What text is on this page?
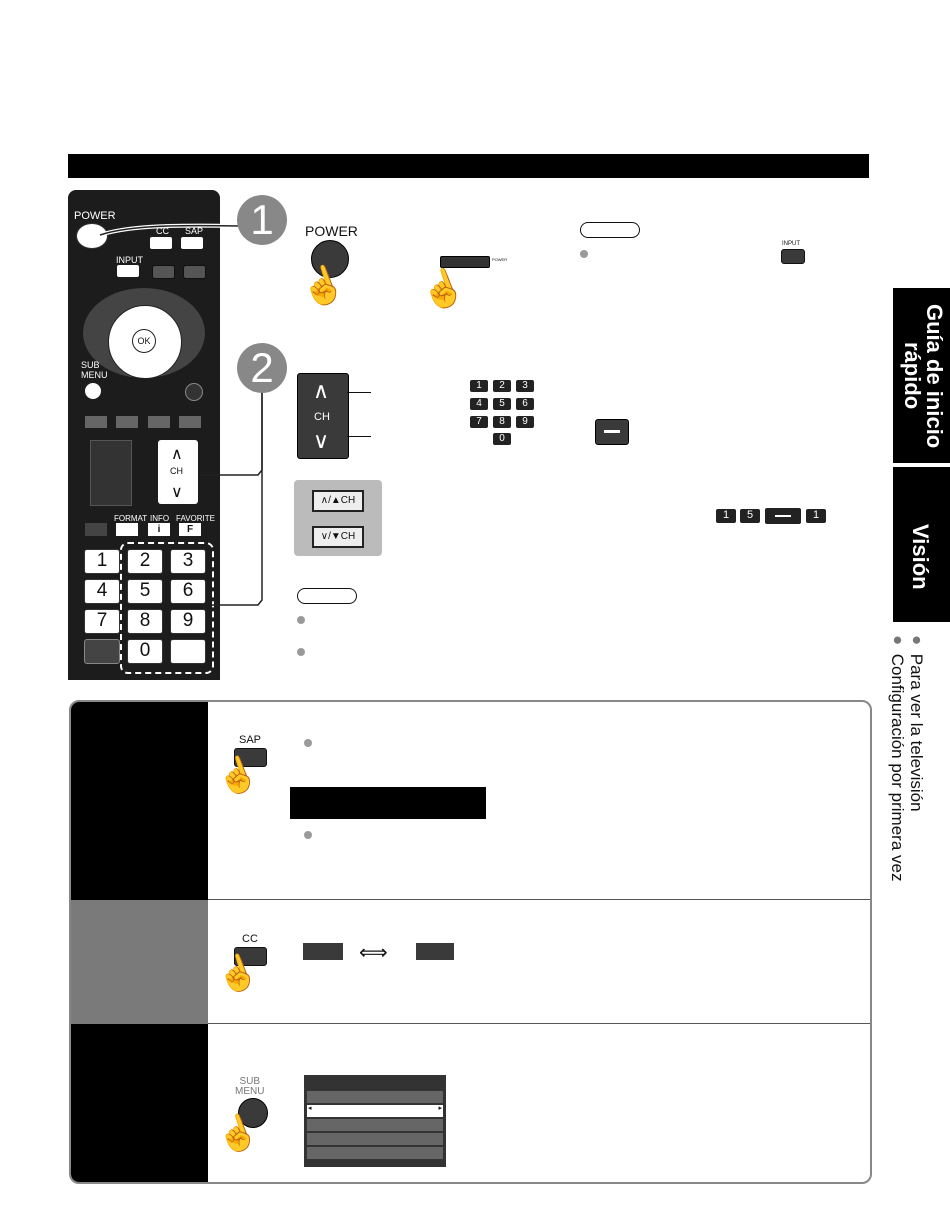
POWER
CC SAP
INPUT
OK
SUB
MENU
∧
CH
∨
FORMAT INFO FAVORITE
i	F
1	2	3
4	5	6
7	8	9
0
1
2
POWER
☝	POWER
☝
INPUT
∧
CH
∨
1	2	3
4	5	6
7	8	9
0
∧/▲CH
∨/▼CH
1	5	1
Guía de inicio rápido
Visión
● Para ver la televisión
● Configuración por primera vez
SAP
☝
CC
☝	⟺
SUB
MENU
☝
◂	▸
